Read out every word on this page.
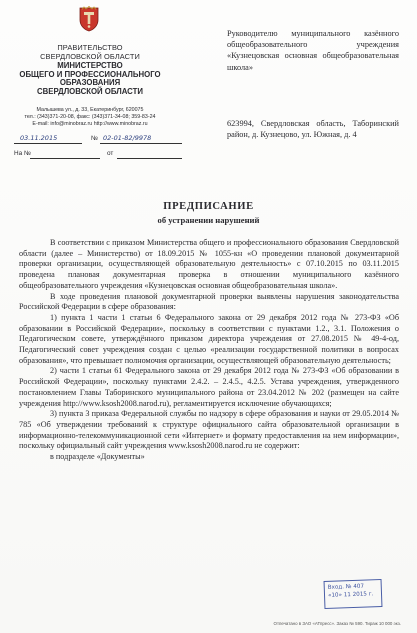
ПРАВИТЕЛЬСТВО
СВЕРДЛОВСКОЙ ОБЛАСТИ
МИНИСТЕРСТВО
ОБЩЕГО И ПРОФЕССИОНАЛЬНОГО
ОБРАЗОВАНИЯ
СВЕРДЛОВСКОЙ ОБЛАСТИ
Малышева ул., д. 33, Екатеринбург, 620075
тел.: (343)371-20-08, факс: (343)371-34-08; 359-83-24
E-mail: info@minobraz.ru http://www.minobraz.ru
№
03.11.2015	02-01-82/9978
На №	от
Руководителю муниципального казённого общеобразовательного учреждения «Кузнецовская основная общеобразовательная школа»
623994, Свердловская область, Таборинский район, д. Кузнецово, ул. Южная, д. 4
ПРЕДПИСАНИЕ
об устранении нарушений

В соответствии с приказом Министерства общего и профессионального образования Свердловской области (далее – Министерство) от 18.09.2015 № 1055-кн «О проведении плановой документарной проверки организации, осуществляющей образовательную деятельность» с 07.10.2015 по 03.11.2015 проведена плановая документарная проверка в отношении муниципального казённого общеобразовательного учреждения «Кузнецовская основная общеобразовательная школа».

В ходе проведения плановой документарной проверки выявлены нарушения законодательства Российской Федерации в сфере образования:

1) пункта 1 части 1 статьи 6 Федерального закона от 29 декабря 2012 года № 273-ФЗ «Об образовании в Российской Федерации», поскольку в соответствии с пунктами 1.2., 3.1. Положения о Педагогическом совете, утверждённого приказом директора учреждения от 27.08.2015 № 49-4-од, Педагогический совет учреждения создан с целью «реализации государственной политики в вопросах образования», что превышает полномочия организации, осуществляющей образовательную деятельность;

2) части 1 статьи 61 Федерального закона от 29 декабря 2012 года № 273-ФЗ «Об образовании в Российской Федерации», поскольку пунктами 2.4.2. – 2.4.5., 4.2.5. Устава учреждения, утвержденного постановлением Главы Таборинского муниципального района от 23.04.2012 № 202 (размещен на сайте учреждения http://www.ksosh2008.narod.ru), регламентируется исключение обучающихся;

3) пункта 3 приказа Федеральной службы по надзору в сфере образования и науки от 29.05.2014 № 785 «Об утверждении требований к структуре официального сайта образовательной организации в информационно-телекоммуникационной сети «Интернет» и формату предоставления на нем информации», поскольку официальный сайт учреждения www.ksosh2008.narod.ru не содержит:

в подразделе «Документы»

Вход. № 407
«10» 11 2015 г.
Отпечатано в ЗАО «АТпресс». Заказ № 590. Тираж 10 000 экз.
